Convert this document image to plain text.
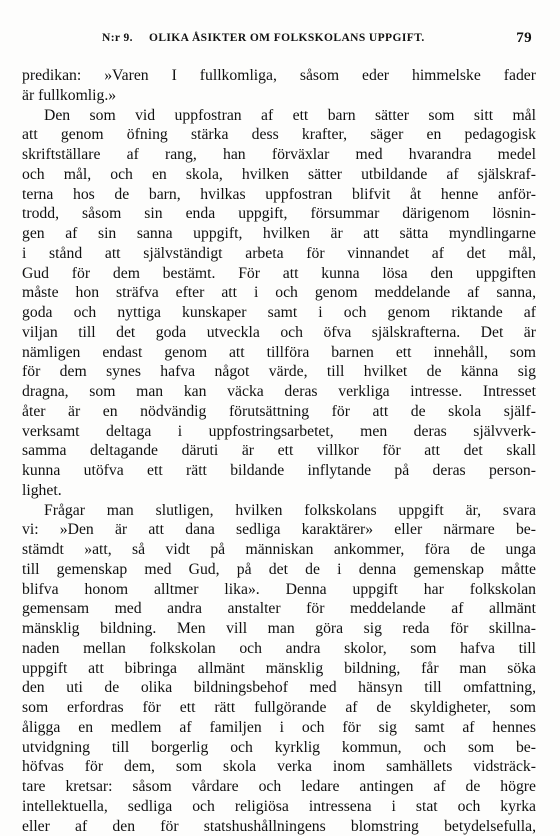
N:r 9. OLIKA ÅSIKTER OM FOLKSKOLANS UPPGIFT.	79
predikan: »Varen I fullkomliga, såsom eder himmelske fader
är fullkomlig.»
Den som vid uppfostran af ett barn sätter som sitt mål
att genom öfning stärka dess krafter, säger en pedagogisk
skriftställare af rang, han förväxlar med hvarandra medel
och mål, och en skola, hvilken sätter utbildande af själskraf-
terna hos de barn, hvilkas uppfostran blifvit åt henne anför-
trodd, såsom sin enda uppgift, försummar därigenom lösnin-
gen af sin sanna uppgift, hvilken är att sätta myndlingarne
i stånd att självständigt arbeta för vinnandet af det mål,
Gud för dem bestämt. För att kunna lösa den uppgiften
måste hon sträfva efter att i och genom meddelande af sanna,
goda och nyttiga kunskaper samt i och genom riktande af
viljan till det goda utveckla och öfva själskrafterna. Det är
nämligen endast genom att tillföra barnen ett innehåll, som
för dem synes hafva något värde, till hvilket de känna sig
dragna, som man kan väcka deras verkliga intresse. Intresset
åter är en nödvändig förutsättning för att de skola själf-
verksamt deltaga i uppfostringsarbetet, men deras självverk-
samma deltagande däruti är ett villkor för att det skall
kunna utöfva ett rätt bildande inflytande på deras person-
lighet.
Frågar man slutligen, hvilken folkskolans uppgift är, svara
vi: »Den är att dana sedliga karaktärer» eller närmare be-
stämdt »att, så vidt på människan ankommer, föra de unga
till gemenskap med Gud, på det de i denna gemenskap måtte
blifva honom alltmer lika». Denna uppgift har folkskolan
gemensam med andra anstalter för meddelande af allmänt
mänsklig bildning. Men vill man göra sig reda för skillna-
naden mellan folkskolan och andra skolor, som hafva till
uppgift att bibringa allmänt mänsklig bildning, får man söka
den uti de olika bildningsbehof med hänsyn till omfattning,
som erfordras för ett rätt fullgörande af de skyldigheter, som
åligga en medlem af familjen i och för sig samt af hennes
utvidgning till borgerlig och kyrklig kommun, och som be-
höfvas för dem, som skola verka inom samhällets vidsträck-
tare kretsar: såsom vårdare och ledare antingen af de högre
intellektuella, sedliga och religiösa intressena i stat och kyrka
eller af den för statshushållningens blomstring betydelsefulla,
